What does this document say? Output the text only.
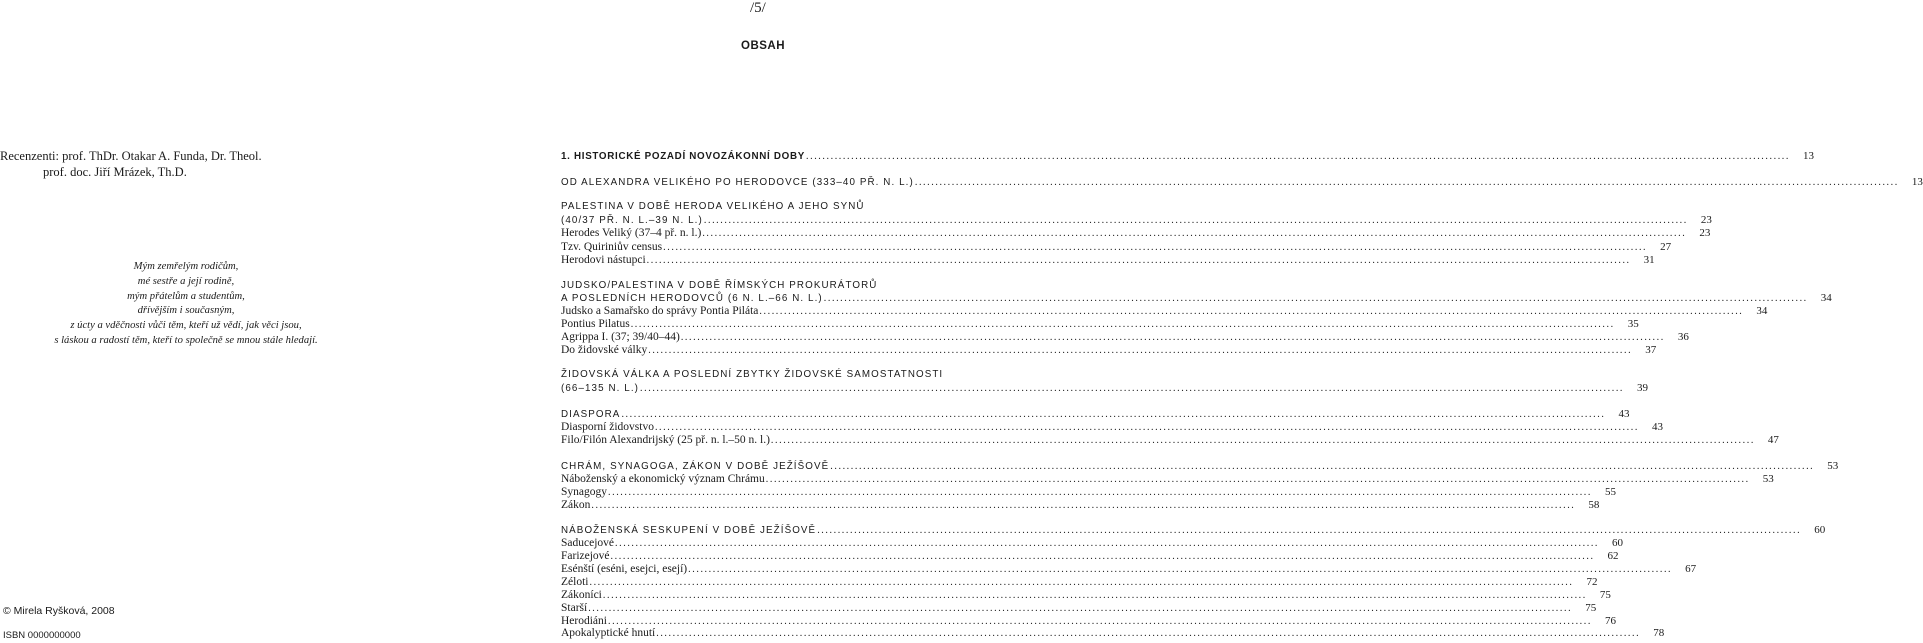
/5/
OBSAH
Recenzenti: prof. ThDr. Otakar A. Funda, Dr. Theol.
prof. doc. Jiří Mrázek, Th.D.
Mým zemřelým rodičům,
mé sestře a její rodině,
mým přátelům a studentům,
dřívějším i současným,
z úcty a vděčnosti vůči těm, kteří už vědí, jak věci jsou,
s láskou a radostí těm, kteří to společně se mnou stále hledají.
© Mirela Ryšková, 2008
ISBN 0000000000
1. HISTORICKÉ POZADÍ NOVOZÁKONNÍ DOBY .....	13
OD ALEXANDRA VELIKÉHO PO HERODOVCE (333–40 PŘ. N. L.) .....	13
PALESTINA V DOBĚ HERODA VELIKÉHO A JEHO SYNŮ
(40/37 PŘ. N. L.–39 N. L.) .....	23
Herodes Veliký (37–4 př. n. l.) .....	23
Tzv. Quiriniův census .....	27
Herodovi nástupci .....	31
JUDSKO/PALESTINA V DOBĚ ŘÍMSKÝCH PROKURÁTORŮ
A POSLEDNÍCH HERODOVCŮ (6 N. L.–66 N. L.) .....	34
Judsko a Samařsko do správy Pontia Piláta .....	34
Pontius Pilatus .....	35
Agrippa I. (37; 39/40–44) .....	36
Do židovské války .....	37
ŽIDOVSKÁ VÁLKA A POSLEDNÍ ZBYTKY ŽIDOVSKÉ SAMOSTATNOSTI
(66–135 N. L.) .....	39
DIASPORA .....	43
Diasporní židovstvo .....	43
Filo/Filón Alexandrijský (25 př. n. l.–50 n. l.) .....	47
CHRÁM, SYNAGOGA, ZÁKON V DOBĚ JEŽÍŠOVĚ .....	53
Náboženský a ekonomický význam Chrámu .....	53
Synagogy .....	55
Zákon .....	58
NÁBOŽENSKÁ SESKUPENÍ V DOBĚ JEŽÍŠOVĚ .....	60
Saducejové .....	60
Farizejové .....	62
Esénští (eséni, esejci, esejí) .....	67
Zéloti .....	72
Zákoníci .....	75
Starší .....	75
Herodiáni .....	76
Apokalyptické hnutí .....	78
